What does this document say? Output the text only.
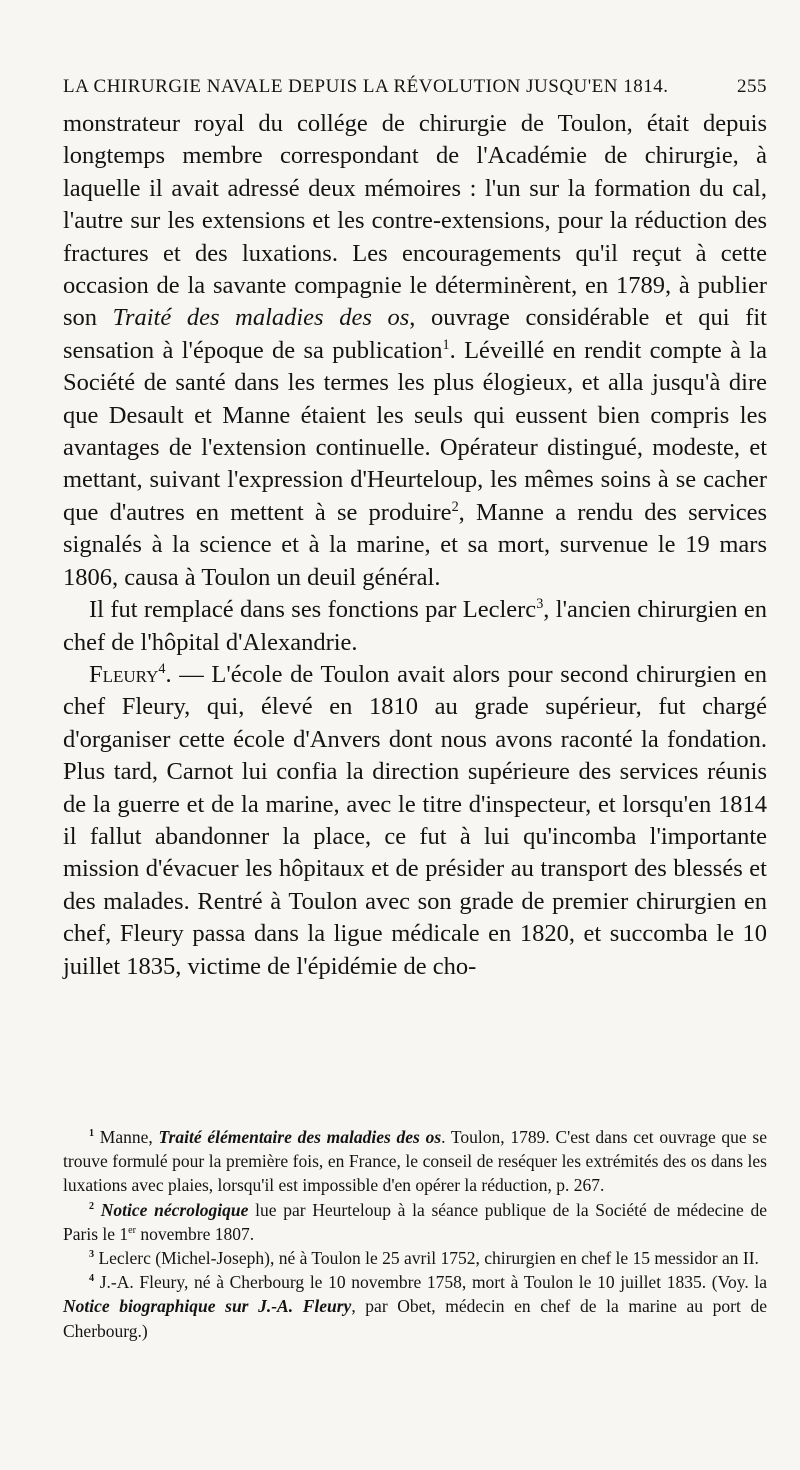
LA CHIRURGIE NAVALE DEPUIS LA RÉVOLUTION JUSQU'EN 1814.	255

monstrateur royal du collége de chirurgie de Toulon, était depuis longtemps membre correspondant de l'Académie de chirurgie, à laquelle il avait adressé deux mémoires : l'un sur la formation du cal, l'autre sur les extensions et les contre-extensions, pour la réduction des fractures et des luxations. Les encouragements qu'il reçut à cette occasion de la savante compagnie le déterminèrent, en 1789, à publier son Traité des maladies des os, ouvrage considérable et qui fit sensation à l'époque de sa publication$^1$. Léveillé en rendit compte à la Société de santé dans les termes les plus élogieux, et alla jusqu'à dire que Desault et Manne étaient les seuls qui eussent bien compris les avantages de l'extension continuelle. Opérateur distingué, modeste, et mettant, suivant l'expression d'Heurteloup, les mêmes soins à se cacher que d'autres en mettent à se produire$^2$, Manne a rendu des services signalés à la science et à la marine, et sa mort, survenue le 19 mars 1806, causa à Toulon un deuil général.

Il fut remplacé dans ses fonctions par Leclerc$^3$, l'ancien chirurgien en chef de l'hôpital d'Alexandrie.

Fleury$^4$. — L'école de Toulon avait alors pour second chirurgien en chef Fleury, qui, élevé en 1810 au grade supérieur, fut chargé d'organiser cette école d'Anvers dont nous avons raconté la fondation. Plus tard, Carnot lui confia la direction supérieure des services réunis de la guerre et de la marine, avec le titre d'inspecteur, et lorsqu'en 1814 il fallut abandonner la place, ce fut à lui qu'incomba l'importante mission d'évacuer les hôpitaux et de présider au transport des blessés et des malades. Rentré à Toulon avec son grade de premier chirurgien en chef, Fleury passa dans la ligue médicale en 1820, et succomba le 10 juillet 1835, victime de l'épidémie de cho-

$^1$ Manne, Traité élémentaire des maladies des os. Toulon, 1789. C'est dans cet ouvrage que se trouve formulé pour la première fois, en France, le conseil de reséquer les extrémités des os dans les luxations avec plaies, lorsqu'il est impossible d'en opérer la réduction, p. 267.

$^2$ Notice nécrologique lue par Heurteloup à la séance publique de la Société de médecine de Paris le 1er novembre 1807.

$^3$ Leclerc (Michel-Joseph), né à Toulon le 25 avril 1752, chirurgien en chef le 15 messidor an II.

$^4$ J.-A. Fleury, né à Cherbourg le 10 novembre 1758, mort à Toulon le 10 juillet 1835. (Voy. la Notice biographique sur J.-A. Fleury, par Obet, médecin en chef de la marine au port de Cherbourg.)
